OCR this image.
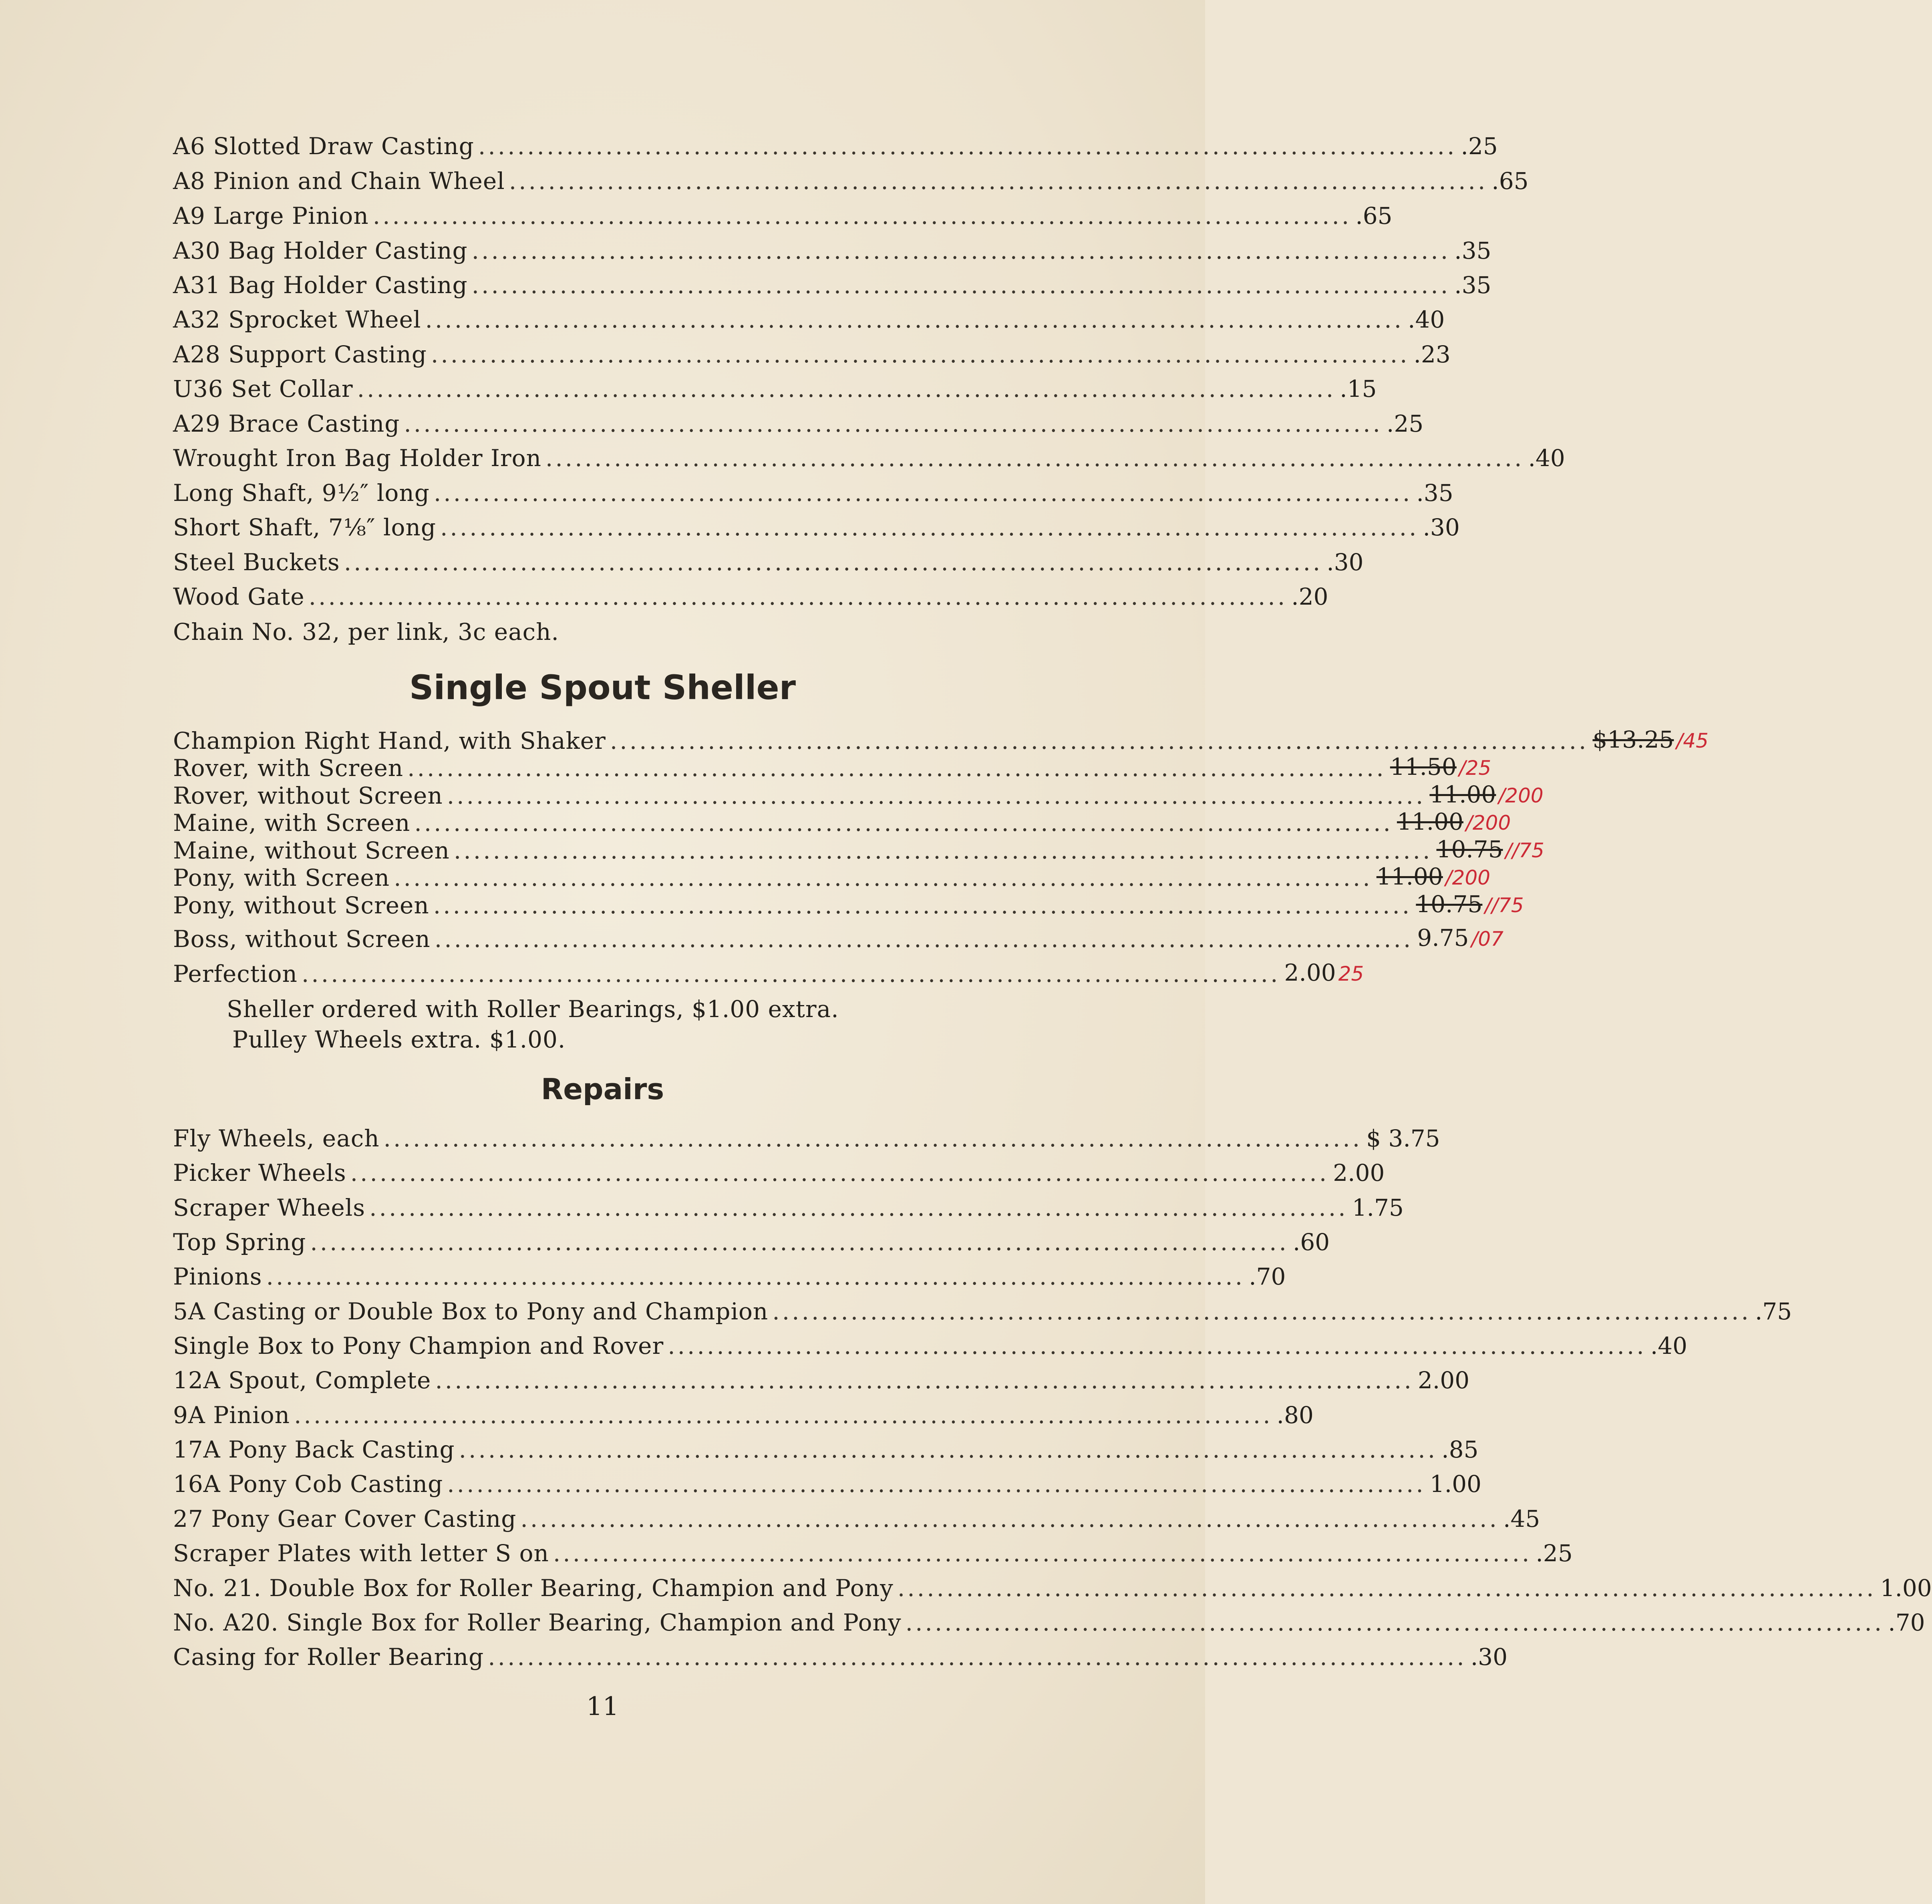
A6 Slotted Draw Casting .................................................................................................... .25
A8 Pinion and Chain Wheel .................................................................................................... .65
A9 Large Pinion .................................................................................................... .65
A30 Bag Holder Casting .................................................................................................... .35
A31 Bag Holder Casting .................................................................................................... .35
A32 Sprocket Wheel .................................................................................................... .40
A28 Support Casting .................................................................................................... .23
U36 Set Collar .................................................................................................... .15
A29 Brace Casting .................................................................................................... .25
Wrought Iron Bag Holder Iron .................................................................................................... .40
Long Shaft, 9½″ long .................................................................................................... .35
Short Shaft, 7⅛″ long .................................................................................................... .30
Steel Buckets .................................................................................................... .30
Wood Gate .................................................................................................... .20
Chain No. 32, per link, 3c each.
Single Spout Sheller
Champion Right Hand, with Shaker .................................................................................................... $13.25 /45
Rover, with Screen .................................................................................................... 11.50 /25
Rover, without Screen .................................................................................................... 11.00 /200
Maine, with Screen .................................................................................................... 11.00 /200
Maine, without Screen .................................................................................................... 10.75 //75
Pony, with Screen .................................................................................................... 11.00 /200
Pony, without Screen .................................................................................................... 10.75 //75
Boss, without Screen .................................................................................................... 9.75 /07
Perfection .................................................................................................... 2.00 25
Sheller ordered with Roller Bearings, $1.00 extra.
Pulley Wheels extra. $1.00.
Repairs
Fly Wheels, each .................................................................................................... $ 3.75
Picker Wheels .................................................................................................... 2.00
Scraper Wheels .................................................................................................... 1.75
Top Spring .................................................................................................... .60
Pinions .................................................................................................... .70
5A Casting or Double Box to Pony and Champion .................................................................................................... .75
Single Box to Pony Champion and Rover .................................................................................................... .40
12A Spout, Complete .................................................................................................... 2.00
9A Pinion .................................................................................................... .80
17A Pony Back Casting .................................................................................................... .85
16A Pony Cob Casting .................................................................................................... 1.00
27 Pony Gear Cover Casting .................................................................................................... .45
Scraper Plates with letter S on .................................................................................................... .25
No. 21. Double Box for Roller Bearing, Champion and Pony .................................................................................................... 1.00
No. A20. Single Box for Roller Bearing, Champion and Pony .................................................................................................... .70
Casing for Roller Bearing .................................................................................................... .30
11
